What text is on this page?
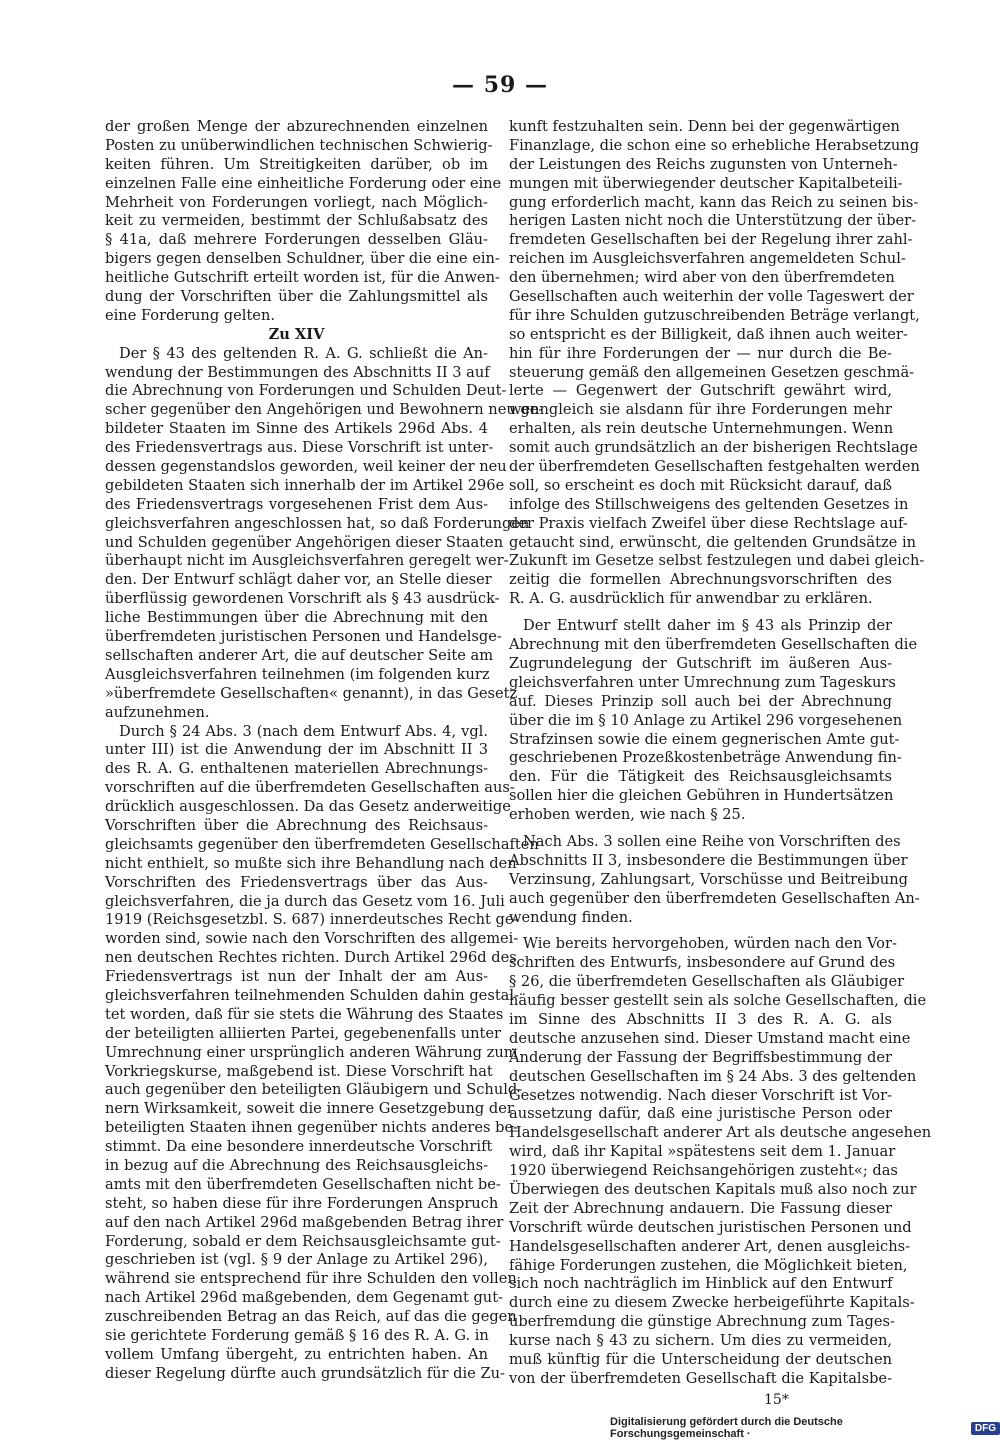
— 59 —
der großen Menge der abzurechnenden einzelnen
Posten zu unüberwindlichen technischen Schwierig-
keiten führen. Um Streitigkeiten darüber, ob im
einzelnen Falle eine einheitliche Forderung oder eine
Mehrheit von Forderungen vorliegt, nach Möglich-
keit zu vermeiden, bestimmt der Schlußabsatz des
§ 41a, daß mehrere Forderungen desselben Gläu-
bigers gegen denselben Schuldner, über die eine ein-
heitliche Gutschrift erteilt worden ist, für die Anwen-
dung der Vorschriften über die Zahlungsmittel als
eine Forderung gelten.
Zu XIV
Der § 43 des geltenden R. A. G. schließt die An-
wendung der Bestimmungen des Abschnitts II 3 auf
die Abrechnung von Forderungen und Schulden Deut-
scher gegenüber den Angehörigen und Bewohnern neu ge-
bildeter Staaten im Sinne des Artikels 296d Abs. 4
des Friedensvertrags aus. Diese Vorschrift ist unter-
dessen gegenstandslos geworden, weil keiner der neu
gebildeten Staaten sich innerhalb der im Artikel 296e
des Friedensvertrags vorgesehenen Frist dem Aus-
gleichsverfahren angeschlossen hat, so daß Forderungen
und Schulden gegenüber Angehörigen dieser Staaten
überhaupt nicht im Ausgleichsverfahren geregelt wer-
den. Der Entwurf schlägt daher vor, an Stelle dieser
überflüssig gewordenen Vorschrift als § 43 ausdrück-
liche Bestimmungen über die Abrechnung mit den
überfremdeten juristischen Personen und Handelsge-
sellschaften anderer Art, die auf deutscher Seite am
Ausgleichsverfahren teilnehmen (im folgenden kurz
»überfremdete Gesellschaften« genannt), in das Gesetz
aufzunehmen.
Durch § 24 Abs. 3 (nach dem Entwurf Abs. 4, vgl.
unter III) ist die Anwendung der im Abschnitt II 3
des R. A. G. enthaltenen materiellen Abrechnungs-
vorschriften auf die überfremdeten Gesellschaften aus-
drücklich ausgeschlossen. Da das Gesetz anderweitige
Vorschriften über die Abrechnung des Reichsaus-
gleichsamts gegenüber den überfremdeten Gesellschaften
nicht enthielt, so mußte sich ihre Behandlung nach den
Vorschriften des Friedensvertrags über das Aus-
gleichsverfahren, die ja durch das Gesetz vom 16. Juli
1919 (Reichsgesetzbl. S. 687) innerdeutsches Recht ge-
worden sind, sowie nach den Vorschriften des allgemei-
nen deutschen Rechtes richten. Durch Artikel 296d des
Friedensvertrags ist nun der Inhalt der am Aus-
gleichsverfahren teilnehmenden Schulden dahin gestal-
tet worden, daß für sie stets die Währung des Staates
der beteiligten alliierten Partei, gegebenenfalls unter
Umrechnung einer ursprünglich anderen Währung zum
Vorkriegskurse, maßgebend ist. Diese Vorschrift hat
auch gegenüber den beteiligten Gläubigern und Schuld-
nern Wirksamkeit, soweit die innere Gesetzgebung der
beteiligten Staaten ihnen gegenüber nichts anderes be-
stimmt. Da eine besondere innerdeutsche Vorschrift
in bezug auf die Abrechnung des Reichsausgleichs-
amts mit den überfremdeten Gesellschaften nicht be-
steht, so haben diese für ihre Forderungen Anspruch
auf den nach Artikel 296d maßgebenden Betrag ihrer
Forderung, sobald er dem Reichsausgleichsamte gut-
geschrieben ist (vgl. § 9 der Anlage zu Artikel 296),
während sie entsprechend für ihre Schulden den vollen
nach Artikel 296d maßgebenden, dem Gegenamt gut-
zuschreibenden Betrag an das Reich, auf das die gegen
sie gerichtete Forderung gemäß § 16 des R. A. G. in
vollem Umfang übergeht, zu entrichten haben. An
dieser Regelung dürfte auch grundsätzlich für die Zu-
kunft festzuhalten sein. Denn bei der gegenwärtigen
Finanzlage, die schon eine so erhebliche Herabsetzung
der Leistungen des Reichs zugunsten von Unterneh-
mungen mit überwiegender deutscher Kapitalbeteili-
gung erforderlich macht, kann das Reich zu seinen bis-
herigen Lasten nicht noch die Unterstützung der über-
fremdeten Gesellschaften bei der Regelung ihrer zahl-
reichen im Ausgleichsverfahren angemeldeten Schul-
den übernehmen; wird aber von den überfremdeten
Gesellschaften auch weiterhin der volle Tageswert der
für ihre Schulden gutzuschreibenden Beträge verlangt,
so entspricht es der Billigkeit, daß ihnen auch weiter-
hin für ihre Forderungen der — nur durch die Be-
steuerung gemäß den allgemeinen Gesetzen geschmä-
lerte — Gegenwert der Gutschrift gewährt wird,
wenngleich sie alsdann für ihre Forderungen mehr
erhalten, als rein deutsche Unternehmungen. Wenn
somit auch grundsätzlich an der bisherigen Rechtslage
der überfremdeten Gesellschaften festgehalten werden
soll, so erscheint es doch mit Rücksicht darauf, daß
infolge des Stillschweigens des geltenden Gesetzes in
der Praxis vielfach Zweifel über diese Rechtslage auf-
getaucht sind, erwünscht, die geltenden Grundsätze in
Zukunft im Gesetze selbst festzulegen und dabei gleich-
zeitig die formellen Abrechnungsvorschriften des
R. A. G. ausdrücklich für anwendbar zu erklären.
Der Entwurf stellt daher im § 43 als Prinzip der
Abrechnung mit den überfremdeten Gesellschaften die
Zugrundelegung der Gutschrift im äußeren Aus-
gleichsverfahren unter Umrechnung zum Tageskurs
auf. Dieses Prinzip soll auch bei der Abrechnung
über die im § 10 Anlage zu Artikel 296 vorgesehenen
Strafzinsen sowie die einem gegnerischen Amte gut-
geschriebenen Prozeßkostenbeträge Anwendung fin-
den. Für die Tätigkeit des Reichsausgleichsamts
sollen hier die gleichen Gebühren in Hundertsätzen
erhoben werden, wie nach § 25.
Nach Abs. 3 sollen eine Reihe von Vorschriften des
Abschnitts II 3, insbesondere die Bestimmungen über
Verzinsung, Zahlungsart, Vorschüsse und Beitreibung
auch gegenüber den überfremdeten Gesellschaften An-
wendung finden.
Wie bereits hervorgehoben, würden nach den Vor-
schriften des Entwurfs, insbesondere auf Grund des
§ 26, die überfremdeten Gesellschaften als Gläubiger
häufig besser gestellt sein als solche Gesellschaften, die
im Sinne des Abschnitts II 3 des R. A. G. als
deutsche anzusehen sind. Dieser Umstand macht eine
Änderung der Fassung der Begriffsbestimmung der
deutschen Gesellschaften im § 24 Abs. 3 des geltenden
Gesetzes notwendig. Nach dieser Vorschrift ist Vor-
aussetzung dafür, daß eine juristische Person oder
Handelsgesellschaft anderer Art als deutsche angesehen
wird, daß ihr Kapital »spätestens seit dem 1. Januar
1920 überwiegend Reichsangehörigen zusteht«; das
Überwiegen des deutschen Kapitals muß also noch zur
Zeit der Abrechnung andauern. Die Fassung dieser
Vorschrift würde deutschen juristischen Personen und
Handelsgesellschaften anderer Art, denen ausgleichs-
fähige Forderungen zustehen, die Möglichkeit bieten,
sich noch nachträglich im Hinblick auf den Entwurf
durch eine zu diesem Zwecke herbeigeführte Kapitals-
überfremdung die günstige Abrechnung zum Tages-
kurse nach § 43 zu sichern. Um dies zu vermeiden,
muß künftig für die Unterscheidung der deutschen
von der überfremdeten Gesellschaft die Kapitalsbe-
15*
Digitalisierung gefördert durch die Deutsche Forschungsgemeinschaft ·	DFG
